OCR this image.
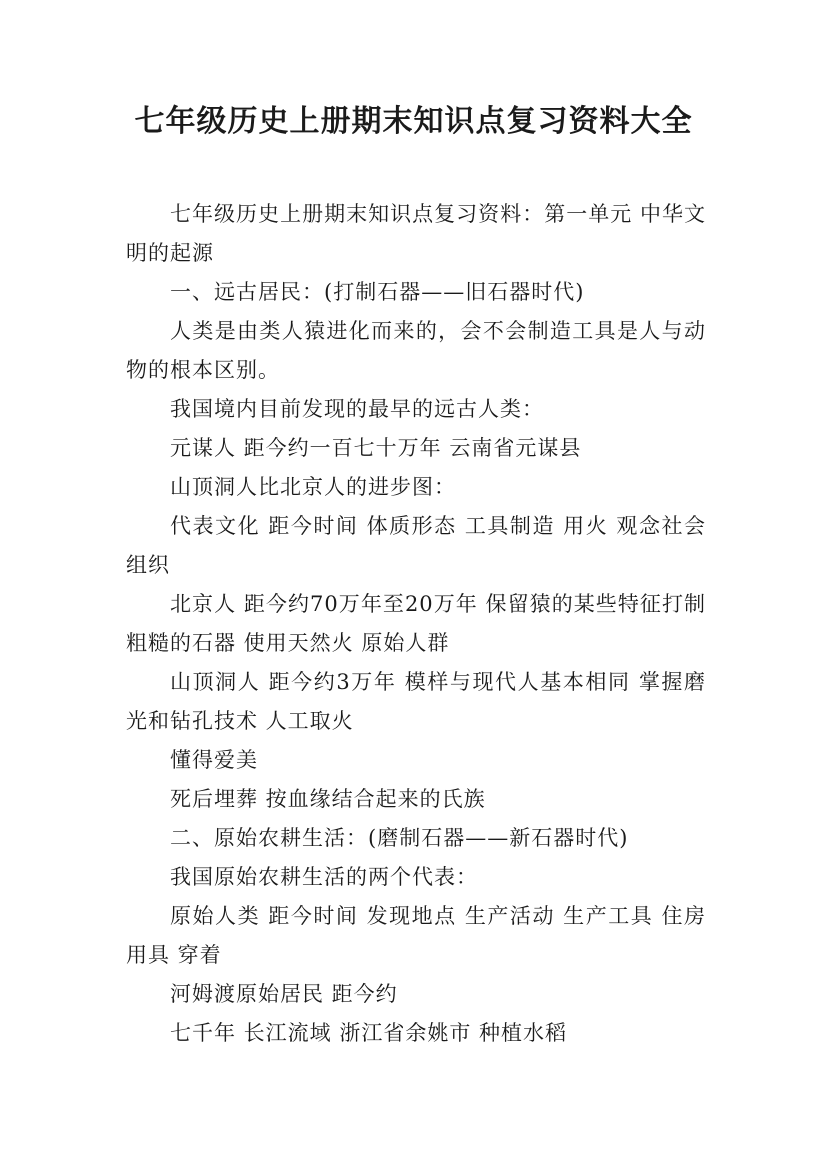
七年级历史上册期末知识点复习资料大全

七年级历史上册期末知识点复习资料：第一单元 中华文明的起源

一、远古居民：(打制石器——旧石器时代)

人类是由类人猿进化而来的，会不会制造工具是人与动物的根本区别。

我国境内目前发现的最早的远古人类：

元谋人 距今约一百七十万年 云南省元谋县

山顶洞人比北京人的进步图：

代表文化 距今时间 体质形态 工具制造 用火 观念社会组织

北京人 距今约70万年至20万年 保留猿的某些特征打制粗糙的石器 使用天然火 原始人群

山顶洞人 距今约3万年 模样与现代人基本相同 掌握磨光和钻孔技术 人工取火

懂得爱美

死后埋葬 按血缘结合起来的氏族

二、原始农耕生活：(磨制石器——新石器时代)

我国原始农耕生活的两个代表：

原始人类 距今时间 发现地点 生产活动 生产工具 住房 用具 穿着

河姆渡原始居民 距今约

七千年 长江流域 浙江省余姚市 种植水稻
